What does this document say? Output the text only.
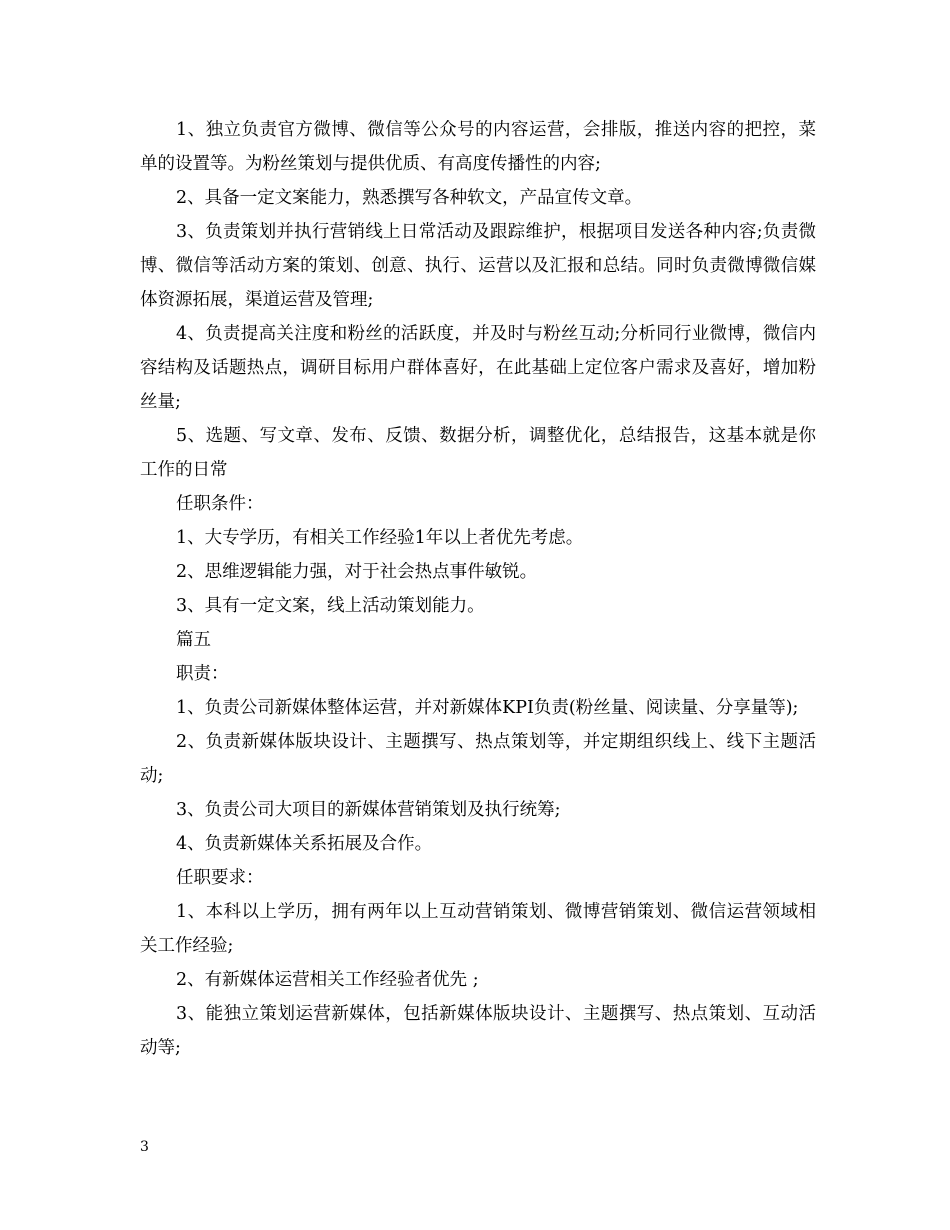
1、独立负责官方微博、微信等公众号的内容运营，会排版，推送内容的把控，菜单的设置等。为粉丝策划与提供优质、有高度传播性的内容;

2、具备一定文案能力，熟悉撰写各种软文，产品宣传文章。

3、负责策划并执行营销线上日常活动及跟踪维护，根据项目发送各种内容;负责微博、微信等活动方案的策划、创意、执行、运营以及汇报和总结。同时负责微博微信媒体资源拓展，渠道运营及管理;

4、负责提高关注度和粉丝的活跃度，并及时与粉丝互动;分析同行业微博，微信内容结构及话题热点，调研目标用户群体喜好，在此基础上定位客户需求及喜好，增加粉丝量;

5、选题、写文章、发布、反馈、数据分析，调整优化，总结报告，这基本就是你工作的日常

任职条件：

1、大专学历，有相关工作经验1年以上者优先考虑。

2、思维逻辑能力强，对于社会热点事件敏锐。

3、具有一定文案，线上活动策划能力。

篇五

职责：

1、负责公司新媒体整体运营，并对新媒体KPI负责(粉丝量、阅读量、分享量等);

2、负责新媒体版块设计、主题撰写、热点策划等，并定期组织线上、线下主题活动;

3、负责公司大项目的新媒体营销策划及执行统筹;

4、负责新媒体关系拓展及合作。

任职要求：

1、本科以上学历，拥有两年以上互动营销策划、微博营销策划、微信运营领域相关工作经验;

2、有新媒体运营相关工作经验者优先 ;

3、能独立策划运营新媒体，包括新媒体版块设计、主题撰写、热点策划、互动活动等;

3
